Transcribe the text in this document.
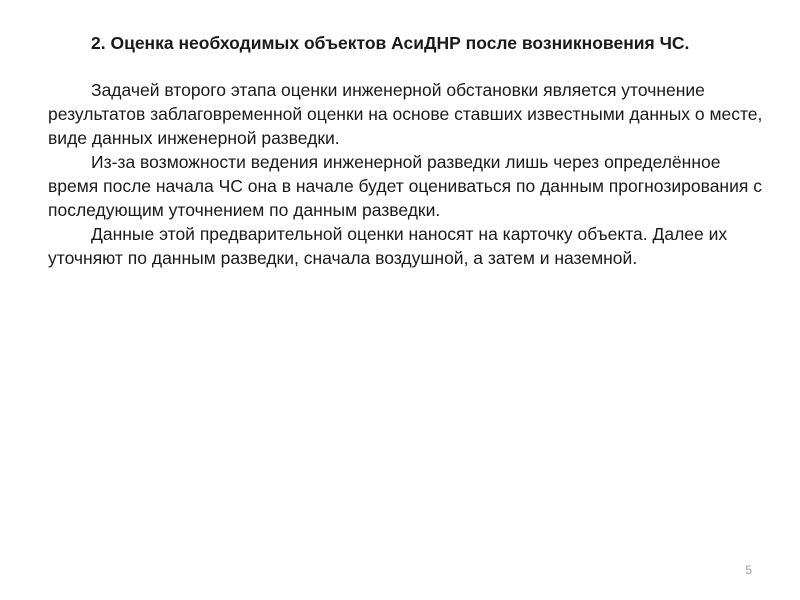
2. Оценка необходимых объектов АсиДНР после возникновения ЧС.

Задачей второго этапа оценки инженерной обстановки является уточнение результатов заблаговременной оценки на основе ставших известными данных о месте, виде данных инженерной разведки.

Из-за возможности ведения инженерной разведки лишь через определённое время после начала ЧС она в начале будет оцениваться по данным прогнозирования с последующим уточнением по данным разведки.

Данные этой предварительной оценки наносят на карточку объекта. Далее их уточняют по данным разведки, сначала воздушной, а затем и наземной.

5
